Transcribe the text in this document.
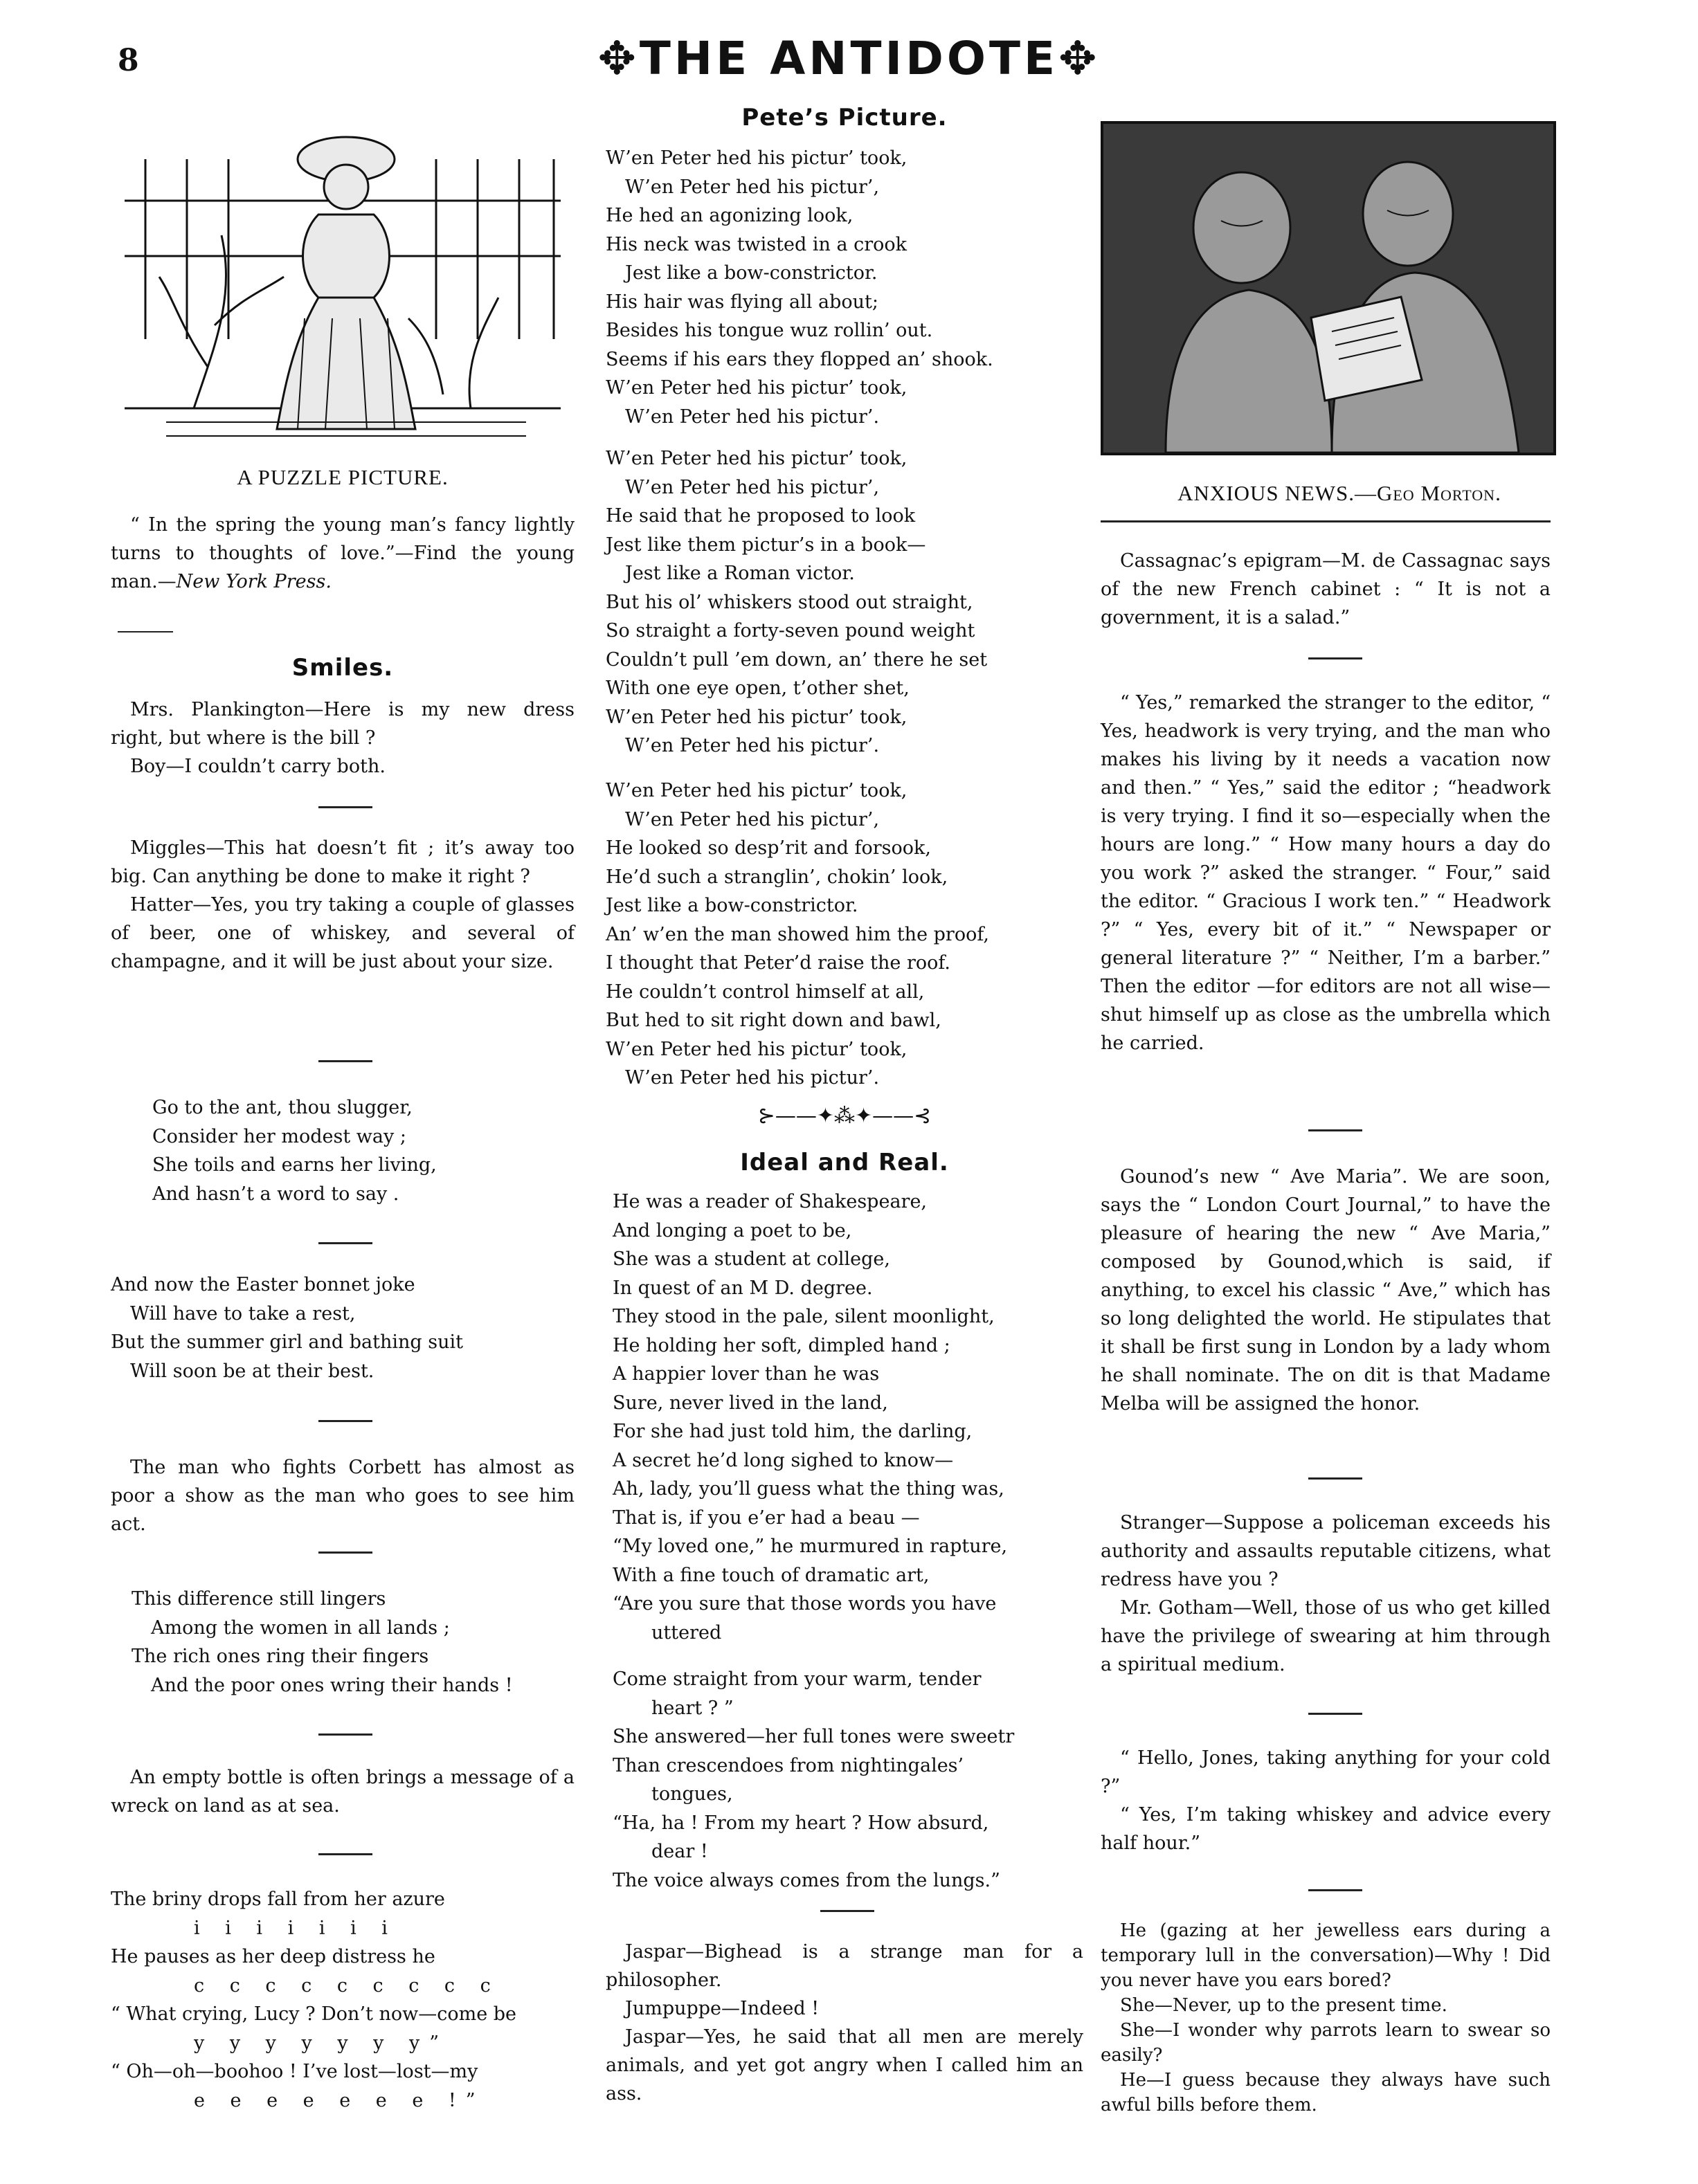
8	✥THE ANTIDOTE✥
A PUZZLE PICTURE.

“ In the spring the young man’s fancy lightly turns to thoughts of love.”—Find the young man.—New York Press.

Smiles.

Mrs. Plankington—Here is my new dress right, but where is the bill ?

Boy—I couldn’t carry both.

Miggles—This hat doesn’t fit ; it’s away too big. Can anything be done to make it right ?

Hatter—Yes, you try taking a couple of glasses of beer, one of whiskey, and several of champagne, and it will be just about your size.

Go to the ant, thou slugger,
Consider her modest way ;
She toils and earns her living,
And hasn’t a word to say .
And now the Easter bonnet joke
Will have to take a rest,
But the summer girl and bathing suit
Will soon be at their best.

The man who fights Corbett has almost as poor a show as the man who goes to see him act.

This difference still lingers
Among the women in all lands ;
The rich ones ring their fingers
And the poor ones wring their hands !

An empty bottle is often brings a message of a wreck on land as at sea.

The briny drops fall from her azure
i i i i i i i
He pauses as her deep distress he
c c c c c c c c c
“ What crying, Lucy ? Don’t now—come be
y y y y y y y”
“ Oh—oh—boohoo ! I’ve lost—lost—my
e e e e e e e !”
Pete’s Picture.
W’en Peter hed his pictur’ took,
W’en Peter hed his pictur’,
He hed an agonizing look,
His neck was twisted in a crook
Jest like a bow-constrictor.
His hair was flying all about;
Besides his tongue wuz rollin’ out.
Seems if his ears they flopped an’ shook.
W’en Peter hed his pictur’ took,
W’en Peter hed his pictur’.
W’en Peter hed his pictur’ took,
W’en Peter hed his pictur’,
He said that he proposed to look
Jest like them pictur’s in a book—
Jest like a Roman victor.
But his ol’ whiskers stood out straight,
So straight a forty-seven pound weight
Couldn’t pull ’em down, an’ there he set
With one eye open, t’other shet,
W’en Peter hed his pictur’ took,
W’en Peter hed his pictur’.
W’en Peter hed his pictur’ took,
W’en Peter hed his pictur’,
He looked so desp’rit and forsook,
He’d such a stranglin’, chokin’ look,
Jest like a bow-constrictor.
An’ w’en the man showed him the proof,
I thought that Peter’d raise the roof.
He couldn’t control himself at all,
But hed to sit right down and bawl,
W’en Peter hed his pictur’ took,
W’en Peter hed his pictur’.
⊱——✦⁂✦——⊰
Ideal and Real.
He was a reader of Shakespeare,
And longing a poet to be,
She was a student at college,
In quest of an M D. degree.
They stood in the pale, silent moonlight,
He holding her soft, dimpled hand ;
A happier lover than he was
Sure, never lived in the land,
For she had just told him, the darling,
A secret he’d long sighed to know—
Ah, lady, you’ll guess what the thing was,
That is, if you e’er had a beau —
“My loved one,” he murmured in rapture,
With a fine touch of dramatic art,
“Are you sure that those words you have
uttered
Come straight from your warm, tender
heart ? ”
She answered—her full tones were sweetr
Than crescendoes from nightingales’
tongues,
“Ha, ha ! From my heart ? How absurd,
dear !
The voice always comes from the lungs.”

Jaspar—Bighead is a strange man for a philosopher.

Jumpuppe—Indeed !

Jaspar—Yes, he said that all men are merely animals, and yet got angry when I called him an ass.

ANXIOUS NEWS.—Geo Morton.

Cassagnac’s epigram—M. de Cassagnac says of the new French cabinet : “ It is not a government, it is a salad.”

“ Yes,” remarked the stranger to the editor, “ Yes, headwork is very trying, and the man who makes his living by it needs a vacation now and then.” “ Yes,” said the editor ; “headwork is very trying. I find it so—especially when the hours are long.” “ How many hours a day do you work ?” asked the stranger. “ Four,” said the editor. “ Gracious I work ten.” “ Headwork ?” “ Yes, every bit of it.” “ Newspaper or general literature ?” “ Neither, I’m a barber.” Then the editor —for editors are not all wise—shut himself up as close as the umbrella which he carried.

Gounod’s new “ Ave Maria”. We are soon, says the “ London Court Journal,” to have the pleasure of hearing the new “ Ave Maria,” composed by Gounod,which is said, if anything, to excel his classic “ Ave,” which has so long delighted the world. He stipulates that it shall be first sung in London by a lady whom he shall nominate. The on dit is that Madame Melba will be assigned the honor.

Stranger—Suppose a policeman exceeds his authority and assaults reputable citizens, what redress have you ?

Mr. Gotham—Well, those of us who get killed have the privilege of swearing at him through a spiritual medium.

“ Hello, Jones, taking anything for your cold ?”

“ Yes, I’m taking whiskey and advice every half hour.”

He (gazing at her jewelless ears during a temporary lull in the conversation)—Why ! Did you never have you ears bored?

She—Never, up to the present time.

She—I wonder why parrots learn to swear so easily?

He—I guess because they always have such awful bills before them.
